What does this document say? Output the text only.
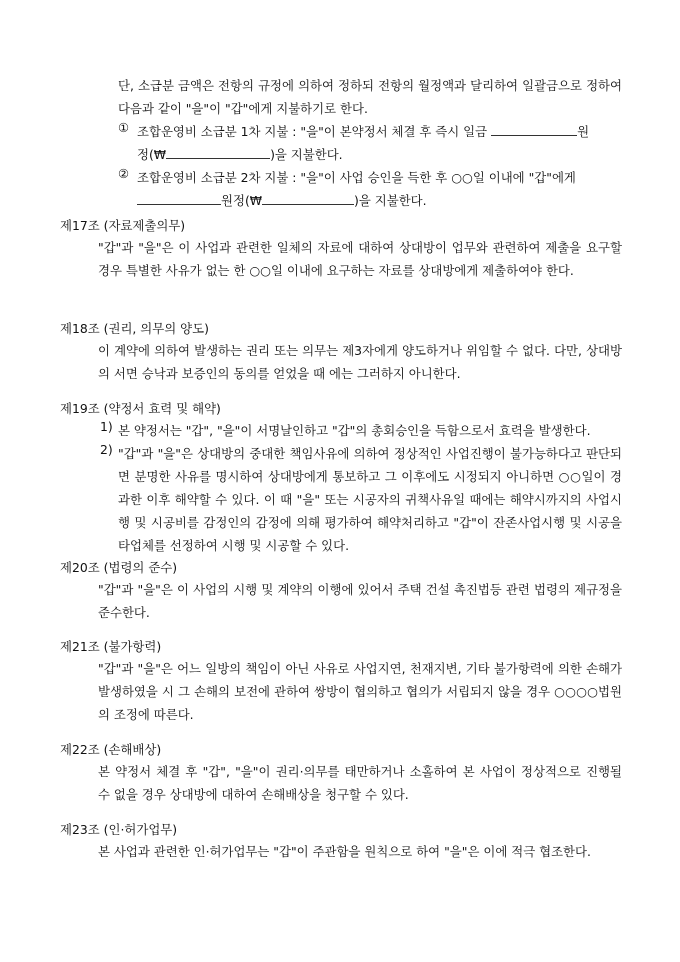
단, 소급분 금액은 전항의 규정에 의하여 정하되 전항의 월정액과 달리하여 일괄금으로 정하여 다음과 같이 "을"이 "갑"에게 지불하기로 한다.

① 조합운영비 소급분 1차 지불 : "을"이 본약정서 체결 후 즉시 일금	원
정(₩	)을 지불한다.

② 조합운영비 소급분 2차 지불 : "을"이 사업 승인을 득한 후 ○○일 이내에 "갑"에게
원정(₩	)을 지불한다.

제17조 (자료제출의무)

"갑"과 "을"은 이 사업과 관련한 일체의 자료에 대하여 상대방이 업무와 관련하여 제출을 요구할 경우 특별한 사유가 없는 한 ○○일 이내에 요구하는 자료를 상대방에게 제출하여야 한다.

제18조 (권리, 의무의 양도)

이 계약에 의하여 발생하는 권리 또는 의무는 제3자에게 양도하거나 위임할 수 없다. 다만, 상대방의 서면 승낙과 보증인의 동의를 얻었을 때 에는 그러하지 아니한다.

제19조 (약정서 효력 및 해약)

1) 본 약정서는 "갑", "을"이 서명날인하고 "갑"의 총회승인을 득함으로서 효력을 발생한다.

2) "갑"과 "을"은 상대방의 중대한 책임사유에 의하여 정상적인 사업진행이 불가능하다고 판단되면 분명한 사유를 명시하여 상대방에게 통보하고 그 이후에도 시정되지 아니하면 ○○일이 경과한 이후 해약할 수 있다. 이 때 "을" 또는 시공자의 귀책사유일 때에는 해약시까지의 사업시행 및 시공비를 감정인의 감정에 의해 평가하여 해약처리하고 "갑"이 잔존사업시행 및 시공을 타업체를 선정하여 시행 및 시공할 수 있다.

제20조 (법령의 준수)

"갑"과 "을"은 이 사업의 시행 및 계약의 이행에 있어서 주택 건설 촉진법등 관련 법령의 제규정을 준수한다.

제21조 (불가항력)

"갑"과 "을"은 어느 일방의 책임이 아닌 사유로 사업지연, 천재지변, 기타 불가항력에 의한 손해가 발생하였을 시 그 손해의 보전에 관하여 쌍방이 협의하고 협의가 서립되지 않을 경우 ○○○○법원의 조정에 따른다.

제22조 (손해배상)

본 약정서 체결 후 "갑", "을"이 권리·의무를 태만하거나 소홀하여 본 사업이 정상적으로 진행될 수 없을 경우 상대방에 대하여 손해배상을 청구할 수 있다.

제23조 (인·허가업무)

본 사업과 관련한 인·허가업무는 "갑"이 주관함을 원칙으로 하여 "을"은 이에 적극 협조한다.
